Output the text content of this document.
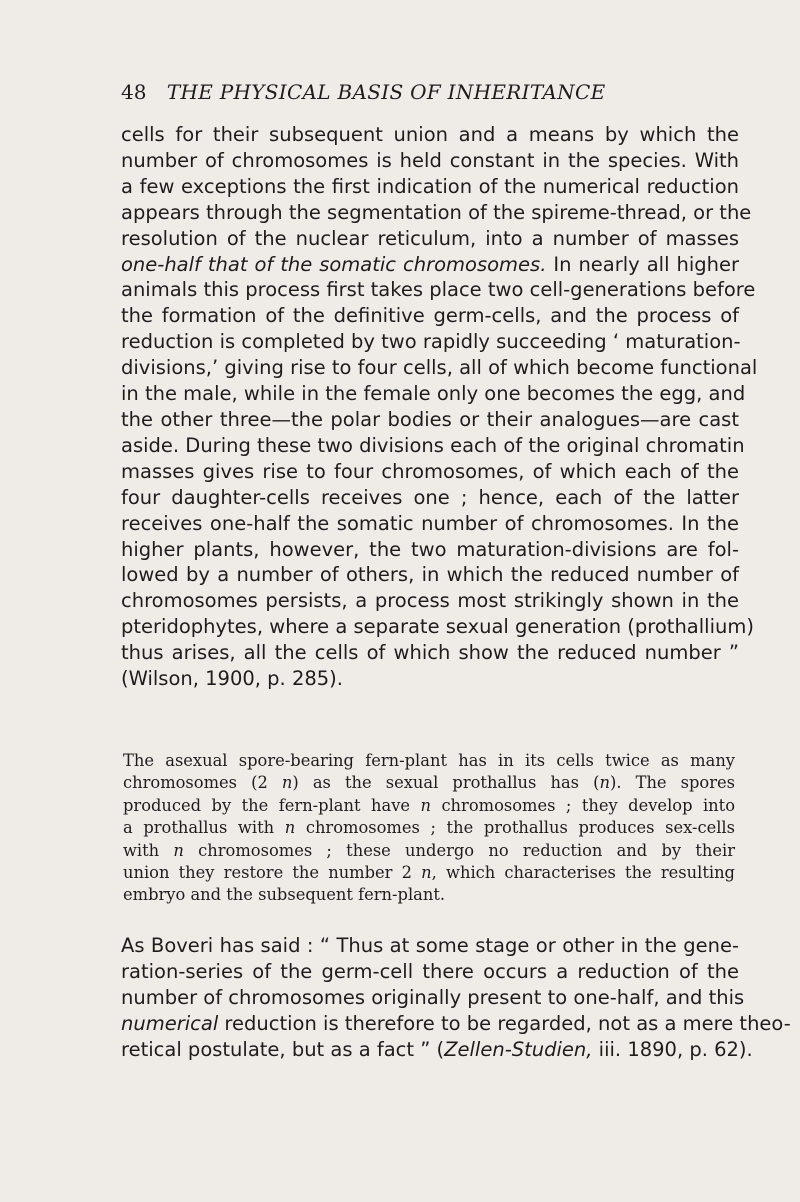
48 THE PHYSICAL BASIS OF INHERITANCE

cells for their subsequent union and a means by which the
number of chromosomes is held constant in the species. With
a few exceptions the first indication of the numerical reduction
appears through the segmentation of the spireme-thread, or the
resolution of the nuclear reticulum, into a number of masses
one-half that of the somatic chromosomes. In nearly all higher
animals this process first takes place two cell-generations before
the formation of the definitive germ-cells, and the process of
reduction is completed by two rapidly succeeding ‘ maturation-
divisions,’ giving rise to four cells, all of which become functional
in the male, while in the female only one becomes the egg, and
the other three—the polar bodies or their analogues—are cast
aside. During these two divisions each of the original chromatin
masses gives rise to four chromosomes, of which each of the
four daughter-cells receives one ; hence, each of the latter
receives one-half the somatic number of chromosomes. In the
higher plants, however, the two maturation-divisions are fol-
lowed by a number of others, in which the reduced number of
chromosomes persists, a process most strikingly shown in the
pteridophytes, where a separate sexual generation (prothallium)
thus arises, all the cells of which show the reduced number ”
(Wilson, 1900, p. 285).

The asexual spore-bearing fern-plant has in its cells twice as many
chromosomes (2 n) as the sexual prothallus has (n). The spores
produced by the fern-plant have n chromosomes ; they develop into
a prothallus with n chromosomes ; the prothallus produces sex-cells
with n chromosomes ; these undergo no reduction and by their
union they restore the number 2 n, which characterises the resulting
embryo and the subsequent fern-plant.

As Boveri has said : “ Thus at some stage or other in the gene-
ration-series of the germ-cell there occurs a reduction of the
number of chromosomes originally present to one-half, and this
numerical reduction is therefore to be regarded, not as a mere theo-
retical postulate, but as a fact ” (Zellen-Studien, iii. 1890, p. 62).
